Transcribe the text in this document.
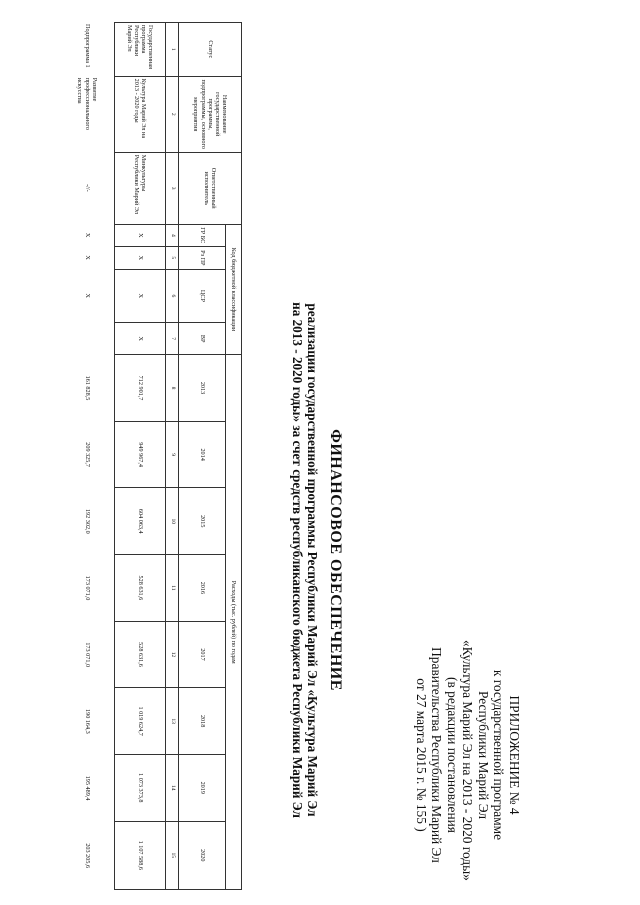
ПРИЛОЖЕНИЕ № 4
к государственной программе
Республики Марий Эл
«Культура Марий Эл на 2013 - 2020 годы»
(в редакции постановления
Правительства Республики Марий Эл
от 27 марта 2015 г. № 155 )
ФИНАНСОВОЕ ОБЕСПЕЧЕНИЕ
реализации государственной программы Республики Марий Эл «Культура Марий Эл
на 2013 - 2020 годы» за счет средств республиканского бюджета Республики Марий Эл
Статус	Наименование государственной программы, подпрограммы, основного мероприятия	Ответственный исполнитель	Код бюджетной классификации				Расходы (тыс. рублей) по годам							
			ГР БС	Рз ПР	ЦСР	ВР	2013	2014	2015	2016	2017	2018	2019	2020

1	2	3	4	5	6	7	8	9	10	11	12	13	14	15
Государственная программа Республики Марий Эл	Культура Марий Эл на 2013 - 2020 годы	Минкультуры Республики Марий Эл	X	X	X	X	712 901,7	949 967,4	604 063,4	528 631,6	528 631,6	1 019 624,7	1 073 373,8	1 107 588,6
Подпрограмма 1	Развитие профессионального искусства	-//-	X	X	X		161 828,5	209 325,7	192 302,0	173 071,0	173 071,0	190 164,3	195 489,4	203 205,6
